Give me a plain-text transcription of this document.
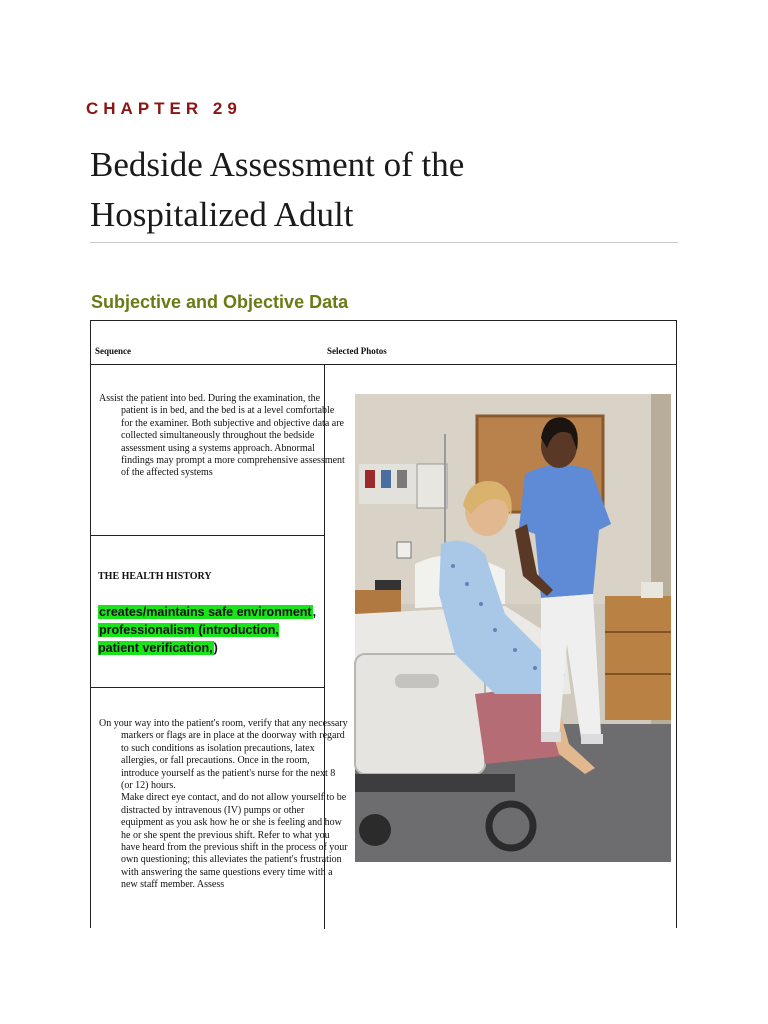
CHAPTER 29
Bedside Assessment of the
Hospitalized Adult
Subjective and Objective Data
Sequence	Selected Photos

Assist the patient into bed. During the examination, the patient is in bed, and the bed is at a level comfortable for the examiner. Both subjective and objective data are collected simultaneously throughout the bedside assessment using a systems approach. Abnormal findings may prompt a more comprehensive assessment of the affected systems

THE HEALTH HISTORY
creates/maintains safe environment, professionalism (introduction, patient verification,)
On your way into the patient's room, verify that any necessary markers or flags are in place at the doorway with regard to such conditions as isolation precautions, latex allergies, or fall precautions. Once in the room, introduce yourself as the patient's nurse for the next 8 (or 12) hours.
Make direct eye contact, and do not allow yourself to be distracted by intravenous (IV) pumps or other equipment as you ask how he or she is feeling and how he or she spent the previous shift. Refer to what you have heard from the previous shift in the process of your own questioning; this alleviates the patient's frustration with answering the same questions every time with a new staff member. Assess
